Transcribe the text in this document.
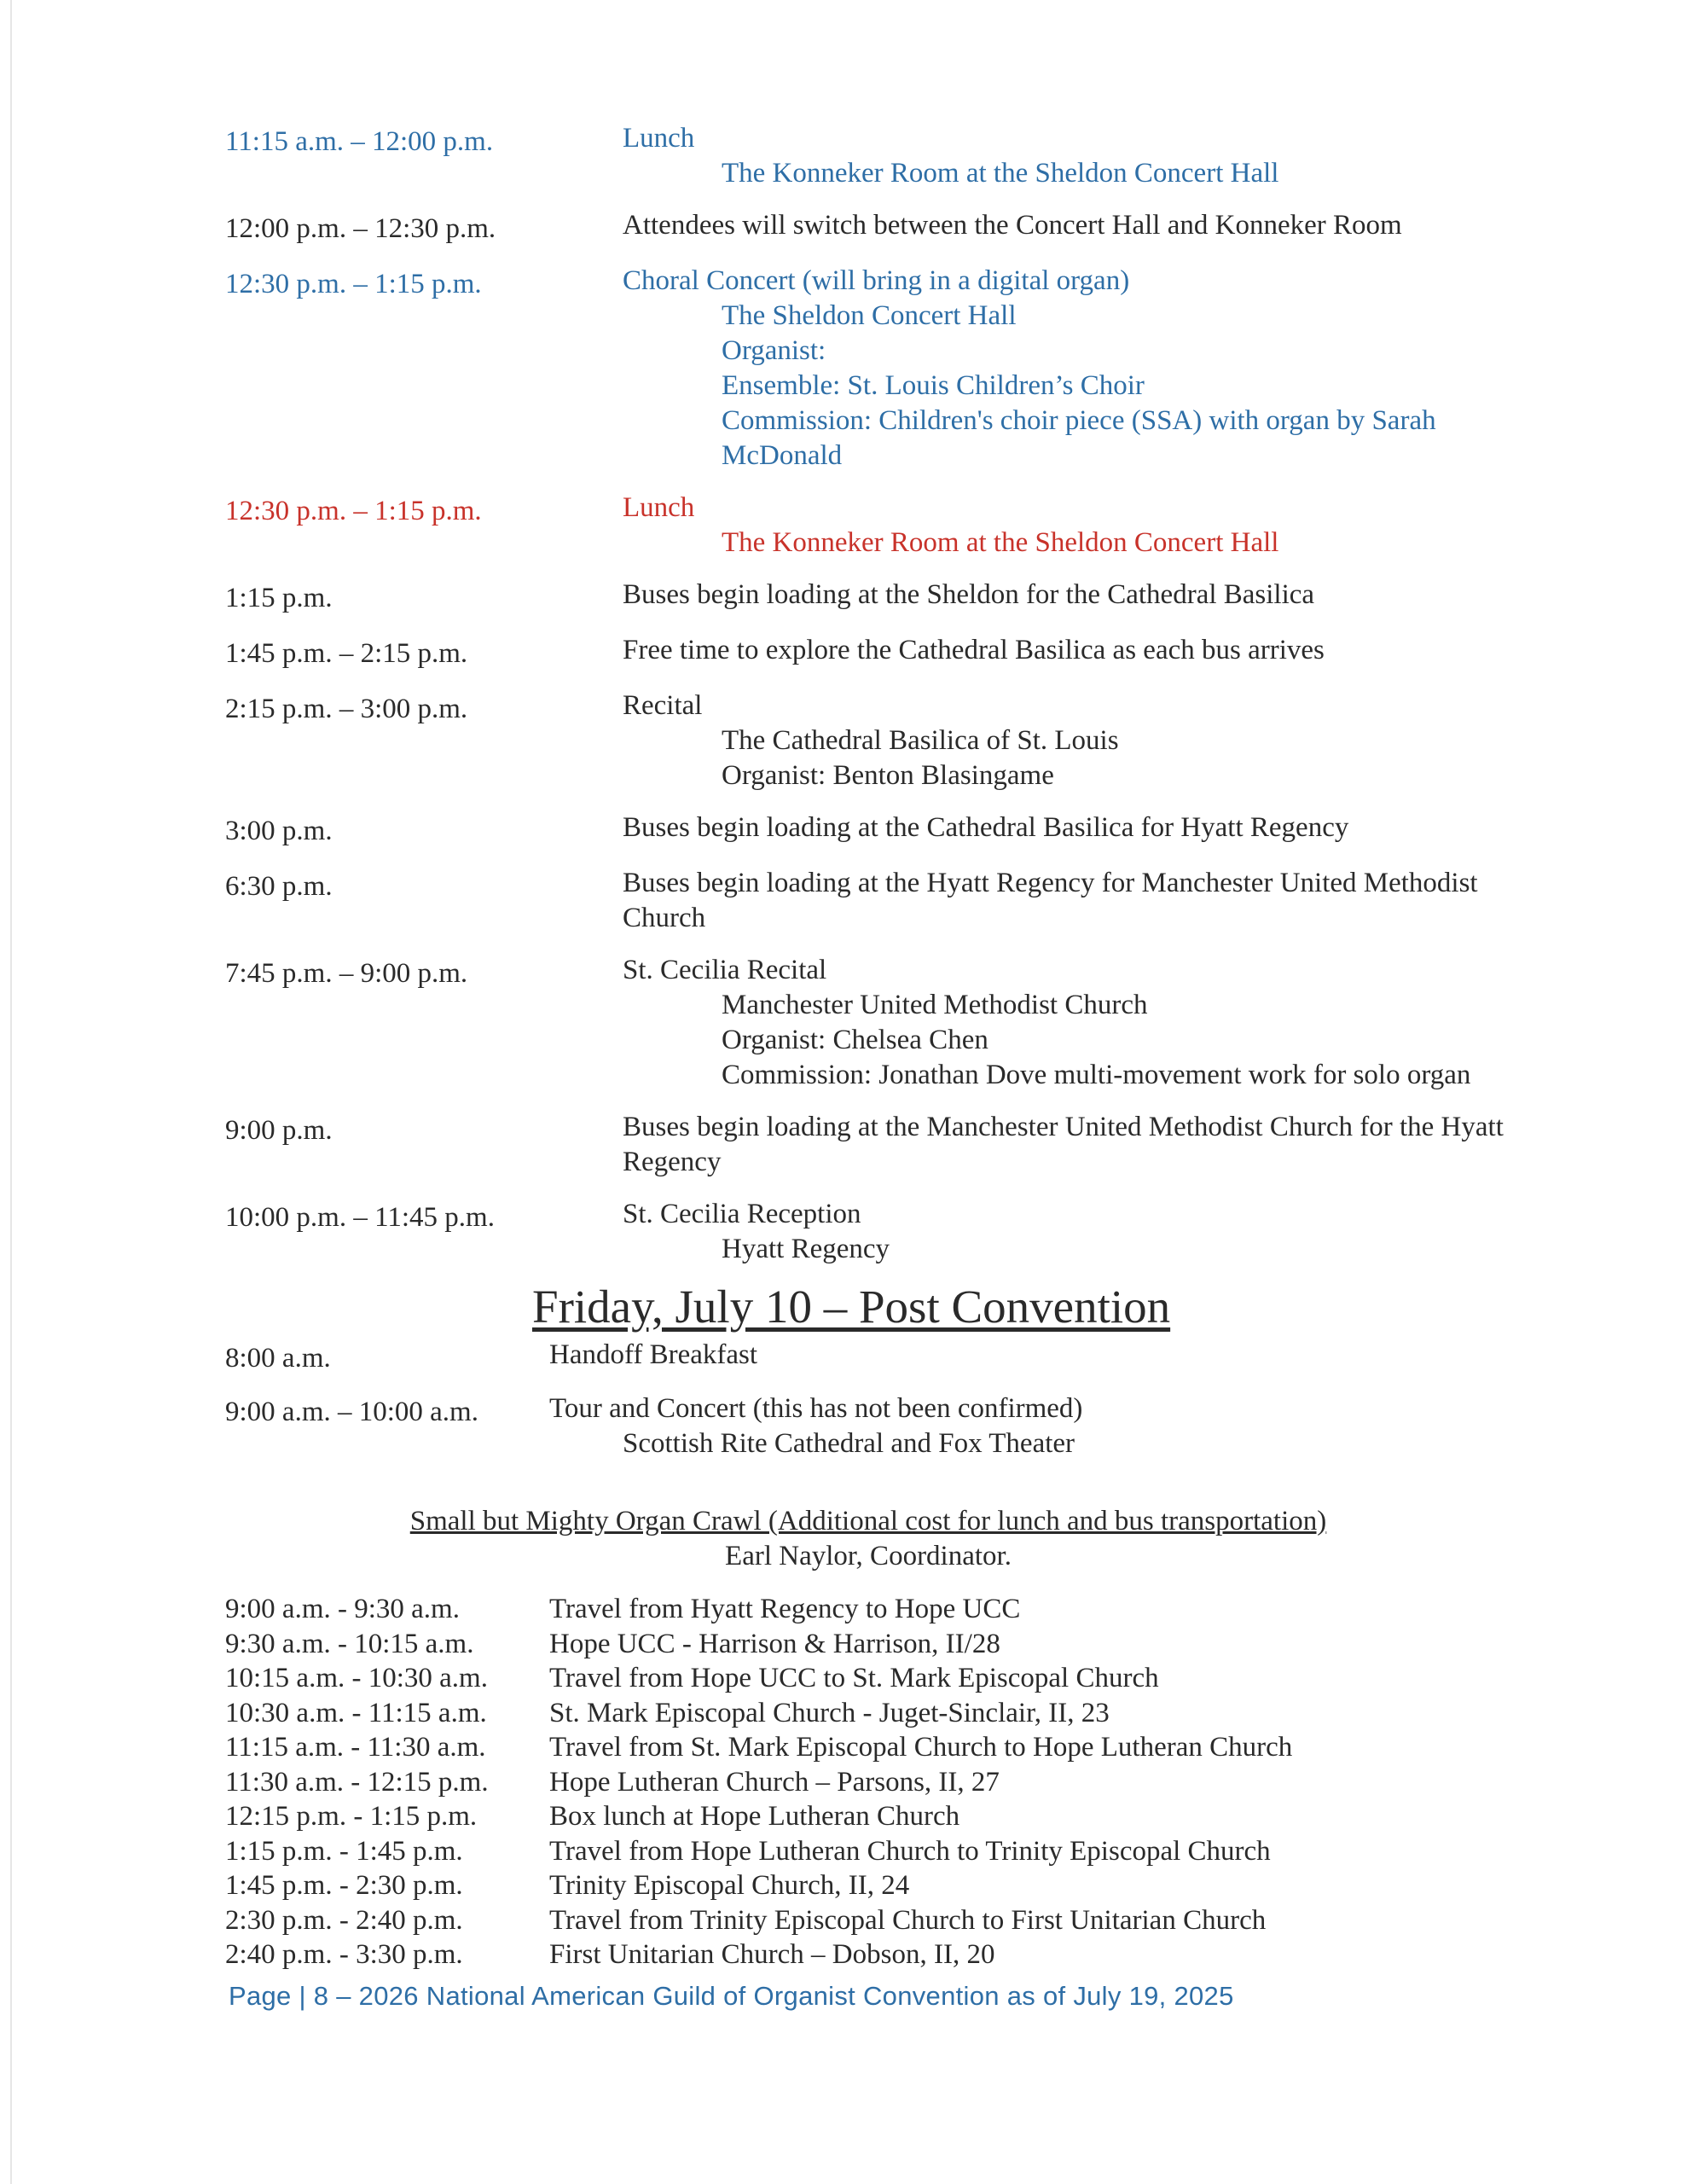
11:15 a.m. – 12:00 p.m.	Lunch
The Konneker Room at the Sheldon Concert Hall
12:00 p.m. – 12:30 p.m.	Attendees will switch between the Concert Hall and Konneker Room
12:30 p.m. – 1:15 p.m.	Choral Concert (will bring in a digital organ)
The Sheldon Concert Hall
Organist:
Ensemble: St. Louis Children’s Choir
Commission: Children's choir piece (SSA) with organ by Sarah McDonald
12:30 p.m. – 1:15 p.m.	Lunch
The Konneker Room at the Sheldon Concert Hall
1:15 p.m.	Buses begin loading at the Sheldon for the Cathedral Basilica
1:45 p.m. – 2:15 p.m.	Free time to explore the Cathedral Basilica as each bus arrives
2:15 p.m. – 3:00 p.m.	Recital
The Cathedral Basilica of St. Louis
Organist: Benton Blasingame
3:00 p.m.	Buses begin loading at the Cathedral Basilica for Hyatt Regency
6:30 p.m.	Buses begin loading at the Hyatt Regency for Manchester United Methodist Church
7:45 p.m. – 9:00 p.m.	St. Cecilia Recital
Manchester United Methodist Church
Organist: Chelsea Chen
Commission: Jonathan Dove multi-movement work for solo organ
9:00 p.m.	Buses begin loading at the Manchester United Methodist Church for the Hyatt Regency
10:00 p.m. – 11:45 p.m.	St. Cecilia Reception
Hyatt Regency
Friday, July 10 – Post Convention
8:00 a.m.	Handoff Breakfast
9:00 a.m. – 10:00 a.m.	Tour and Concert (this has not been confirmed)
Scottish Rite Cathedral and Fox Theater
Small but Mighty Organ Crawl (Additional cost for lunch and bus transportation)
Earl Naylor, Coordinator.
9:00 a.m. - 9:30 a.m.	Travel from Hyatt Regency to Hope UCC
9:30 a.m. - 10:15 a.m.	Hope UCC - Harrison & Harrison, II/28
10:15 a.m. - 10:30 a.m.	Travel from Hope UCC to St. Mark Episcopal Church
10:30 a.m. - 11:15 a.m.	St. Mark Episcopal Church - Juget-Sinclair, II, 23
11:15 a.m. - 11:30 a.m.	Travel from St. Mark Episcopal Church to Hope Lutheran Church
11:30 a.m. - 12:15 p.m.	Hope Lutheran Church – Parsons, II, 27
12:15 p.m. - 1:15 p.m.	Box lunch at Hope Lutheran Church
1:15 p.m. - 1:45 p.m.	Travel from Hope Lutheran Church to Trinity Episcopal Church
1:45 p.m. - 2:30 p.m.	Trinity Episcopal Church, II, 24
2:30 p.m. - 2:40 p.m.	Travel from Trinity Episcopal Church to First Unitarian Church
2:40 p.m. - 3:30 p.m.	First Unitarian Church – Dobson, II, 20
Page | 8 – 2026 National American Guild of Organist Convention as of July 19, 2025
